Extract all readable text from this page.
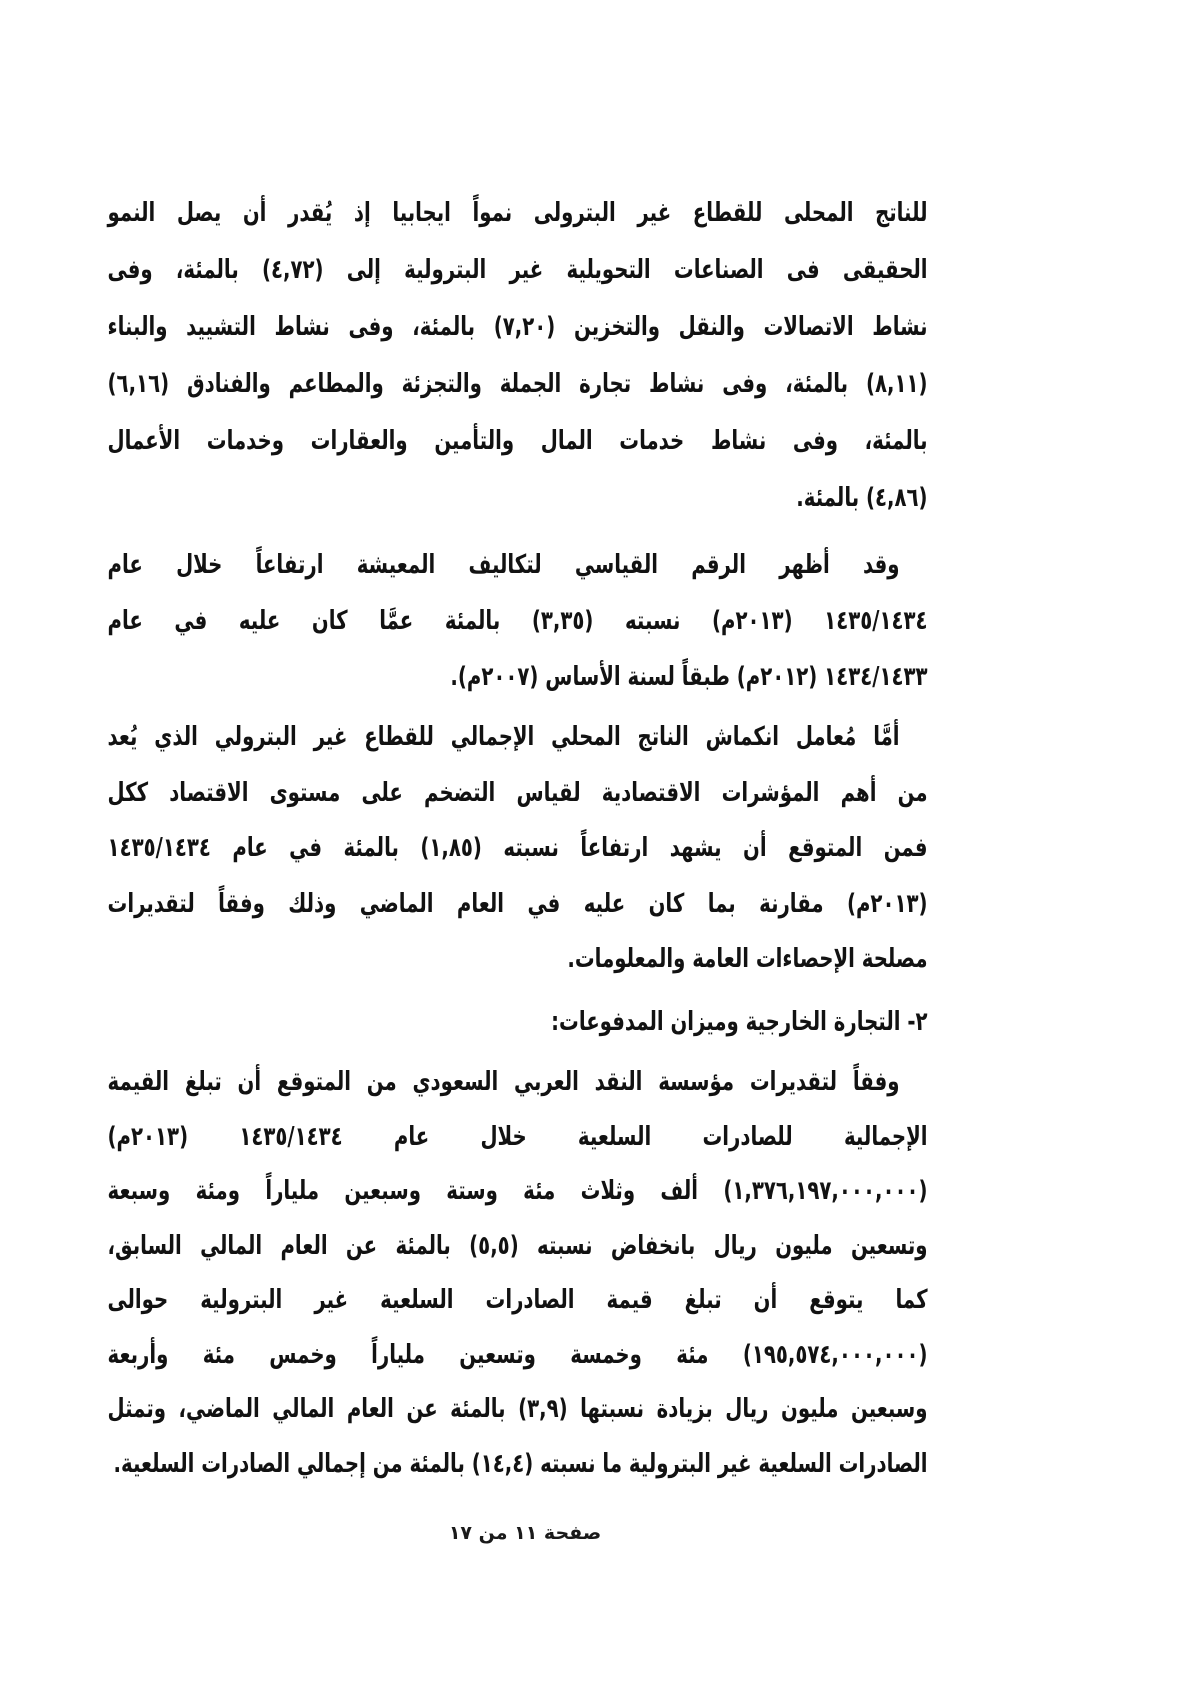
للناتج المحلى للقطاع غير البترولى نمواً ايجابيا إذ يُقدر أن يصل النمو
الحقيقى فى الصناعات التحويلية غير البترولية إلى (٤,٧٢) بالمئة، وفى
نشاط الاتصالات والنقل والتخزين (٧,٢٠) بالمئة، وفى نشاط التشييد والبناء
(٨,١١) بالمئة، وفى نشاط تجارة الجملة والتجزئة والمطاعم والفنادق (٦,١٦)
بالمئة، وفى نشاط خدمات المال والتأمين والعقارات وخدمات الأعمال
(٤,٨٦) بالمئة.
وقد أظهر الرقم القياسي لتكاليف المعيشة ارتفاعاً خلال عام
١٤٣٥/١٤٣٤ (٢٠١٣م) نسبته (٣,٣٥) بالمئة عمَّا كان عليه في عام
١٤٣٤/١٤٣٣ (٢٠١٢م) طبقاً لسنة الأساس (٢٠٠٧م).
أمَّا مُعامل انكماش الناتج المحلي الإجمالي للقطاع غير البترولي الذي يُعد
من أهم المؤشرات الاقتصادية لقياس التضخم على مستوى الاقتصاد ككل
فمن المتوقع أن يشهد ارتفاعاً نسبته (١,٨٥) بالمئة في عام ١٤٣٥/١٤٣٤
(٢٠١٣م) مقارنة بما كان عليه في العام الماضي وذلك وفقاً لتقديرات
مصلحة الإحصاءات العامة والمعلومات.
٢- التجارة الخارجية وميزان المدفوعات:
وفقاً لتقديرات مؤسسة النقد العربي السعودي من المتوقع أن تبلغ القيمة
الإجمالية للصادرات السلعية خلال عام ١٤٣٥/١٤٣٤ (٢٠١٣م)
(١,٣٧٦,١٩٧,٠٠٠,٠٠٠) ألف وثلاث مئة وستة وسبعين ملياراً ومئة وسبعة
وتسعين مليون ريال بانخفاض نسبته (٥,٥) بالمئة عن العام المالي السابق،
كما يتوقع أن تبلغ قيمة الصادرات السلعية غير البترولية حوالى
(١٩٥,٥٧٤,٠٠٠,٠٠٠) مئة وخمسة وتسعين ملياراً وخمس مئة وأربعة
وسبعين مليون ريال بزيادة نسبتها (٣,٩) بالمئة عن العام المالي الماضي، وتمثل
الصادرات السلعية غير البترولية ما نسبته (١٤,٤) بالمئة من إجمالي الصادرات السلعية.
صفحة ١١ من ١٧
